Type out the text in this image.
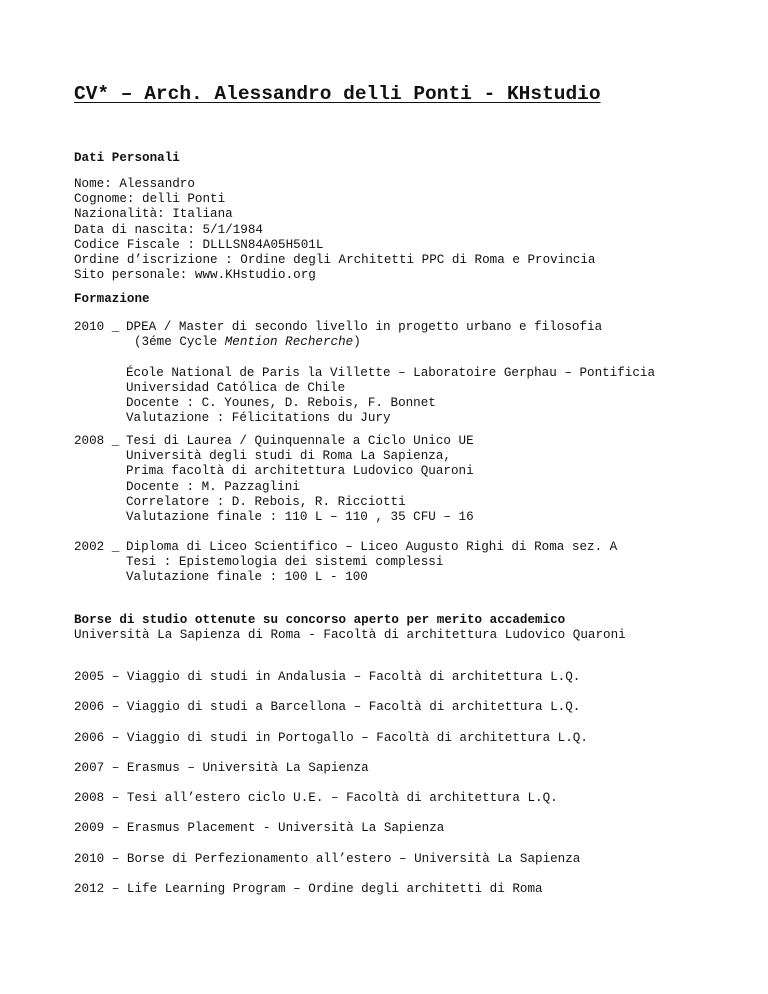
CV* – Arch. Alessandro delli Ponti - KHstudio
Dati Personali
Nome: Alessandro
Cognome: delli Ponti
Nazionalità: Italiana
Data di nascita: 5/1/1984
Codice Fiscale : DLLLSN84A05H501L
Ordine d’iscrizione : Ordine degli Architetti PPC di Roma e Provincia
Sito personale: www.KHstudio.org
Formazione
2010 _ DPEA / Master di secondo livello in progetto urbano e filosofia
(3éme Cycle Mention Recherche)
École National de Paris la Villette – Laboratoire Gerphau – Pontificia
Universidad Católica de Chile
Docente : C. Younes, D. Rebois, F. Bonnet
Valutazione : Félicitations du Jury
2008 _ Tesi di Laurea / Quinquennale a Ciclo Unico UE
Università degli studi di Roma La Sapienza,
Prima facoltà di architettura Ludovico Quaroni
Docente : M. Pazzaglini
Correlatore : D. Rebois, R. Ricciotti
Valutazione finale : 110 L – 110 , 35 CFU – 16
2002 _ Diploma di Liceo Scientifico – Liceo Augusto Righi di Roma sez. A
Tesi : Epistemologia dei sistemi complessi
Valutazione finale : 100 L - 100
Borse di studio ottenute su concorso aperto per merito accademico
Università La Sapienza di Roma - Facoltà di architettura Ludovico Quaroni
2005 – Viaggio di studi in Andalusia – Facoltà di architettura L.Q.
2006 – Viaggio di studi a Barcellona – Facoltà di architettura L.Q.
2006 – Viaggio di studi in Portogallo – Facoltà di architettura L.Q.
2007 – Erasmus – Università La Sapienza
2008 – Tesi all’estero ciclo U.E. – Facoltà di architettura L.Q.
2009 – Erasmus Placement - Università La Sapienza
2010 – Borse di Perfezionamento all’estero – Università La Sapienza
2012 – Life Learning Program – Ordine degli architetti di Roma
